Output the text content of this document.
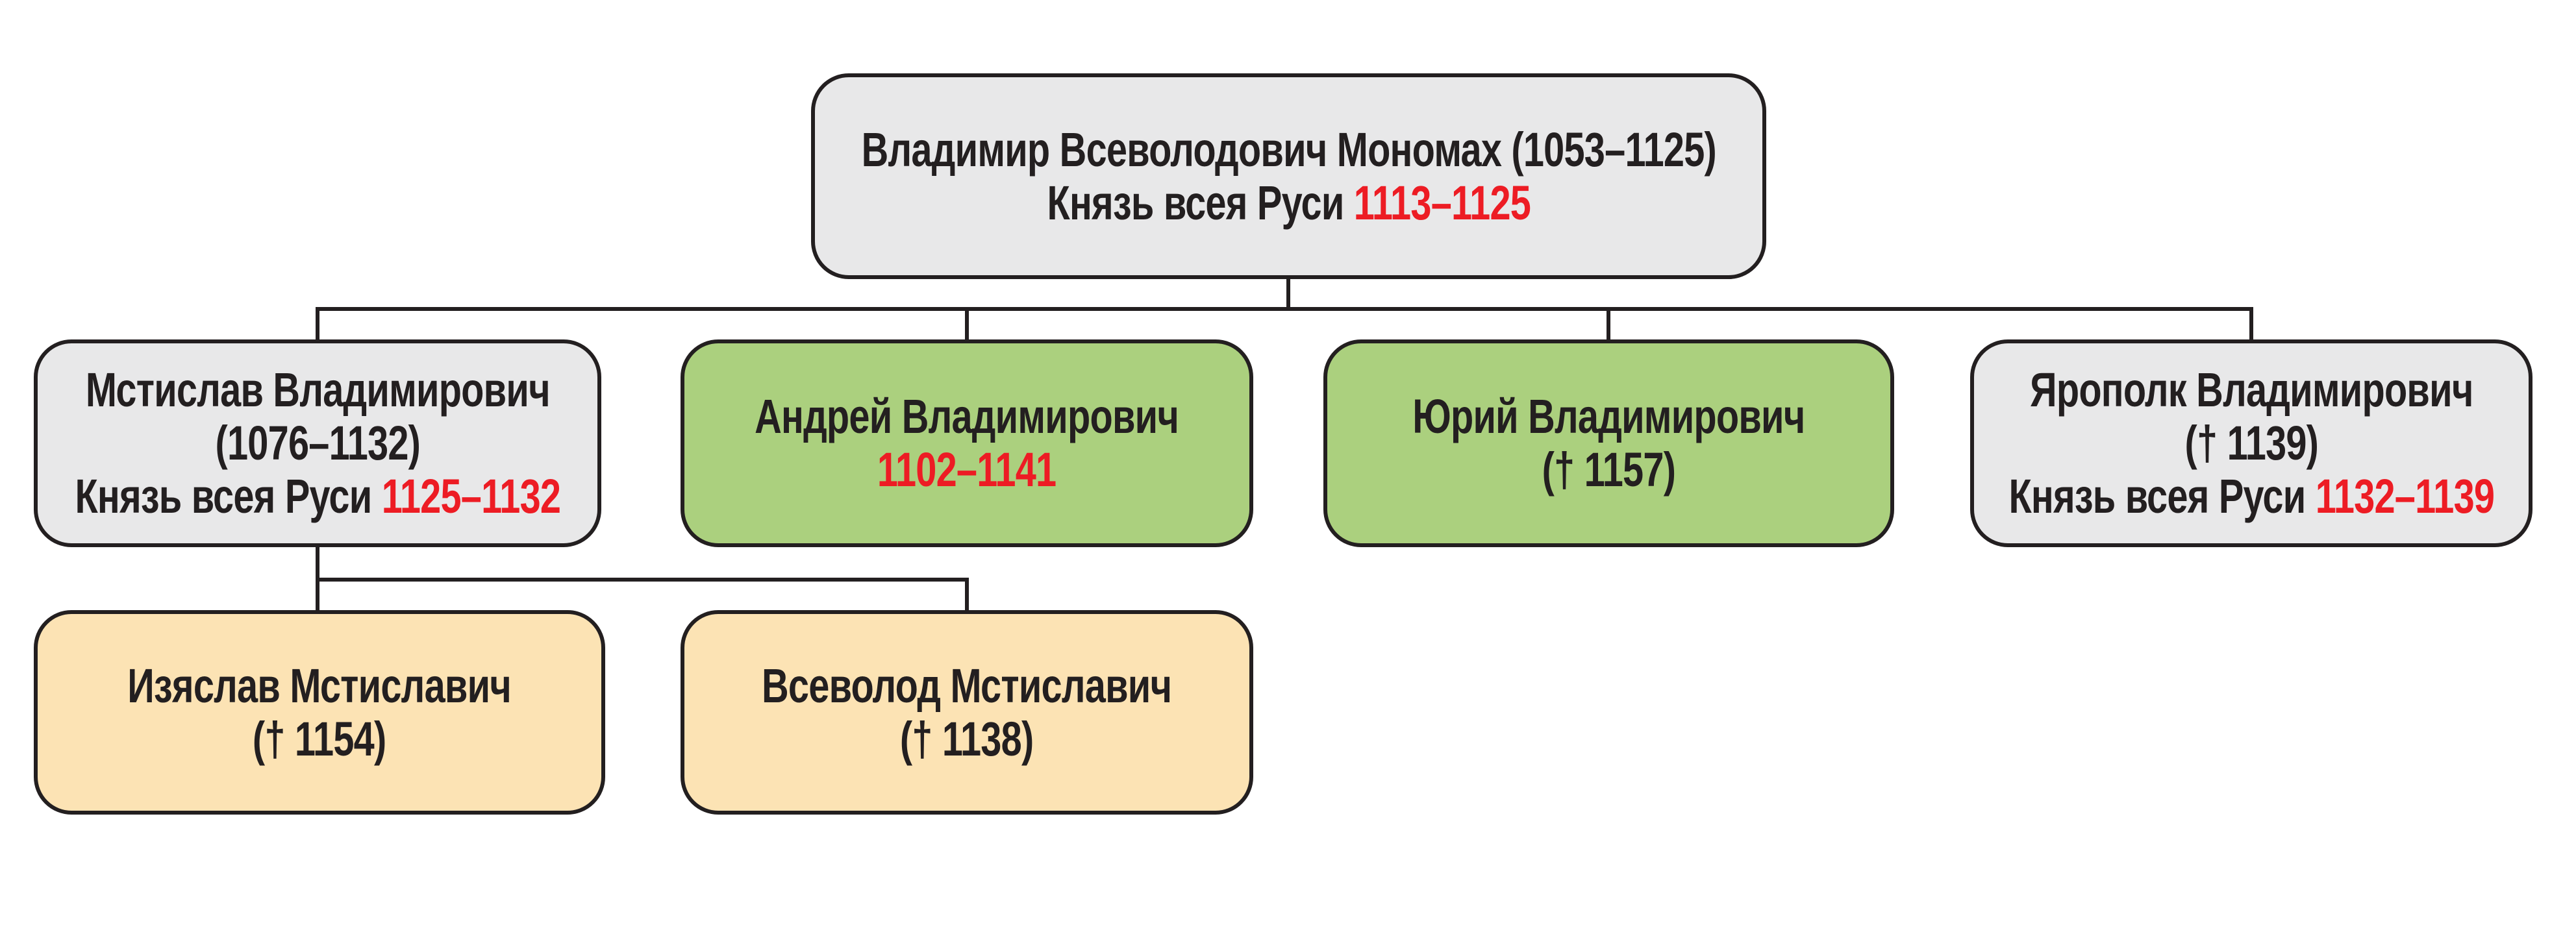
Владимир Всеволодович Мономах (1053–1125)
Князь всея Руси 1113–1125
Мстислав Владимирович
(1076–1132)
Князь всея Руси 1125–1132
Андрей Владимирович
1102–1141
Юрий Владимирович
(† 1157)
Ярополк Владимирович
(† 1139)
Князь всея Руси 1132–1139
Изяслав Мстиславич
(† 1154)
Всеволод Мстиславич
(† 1138)
